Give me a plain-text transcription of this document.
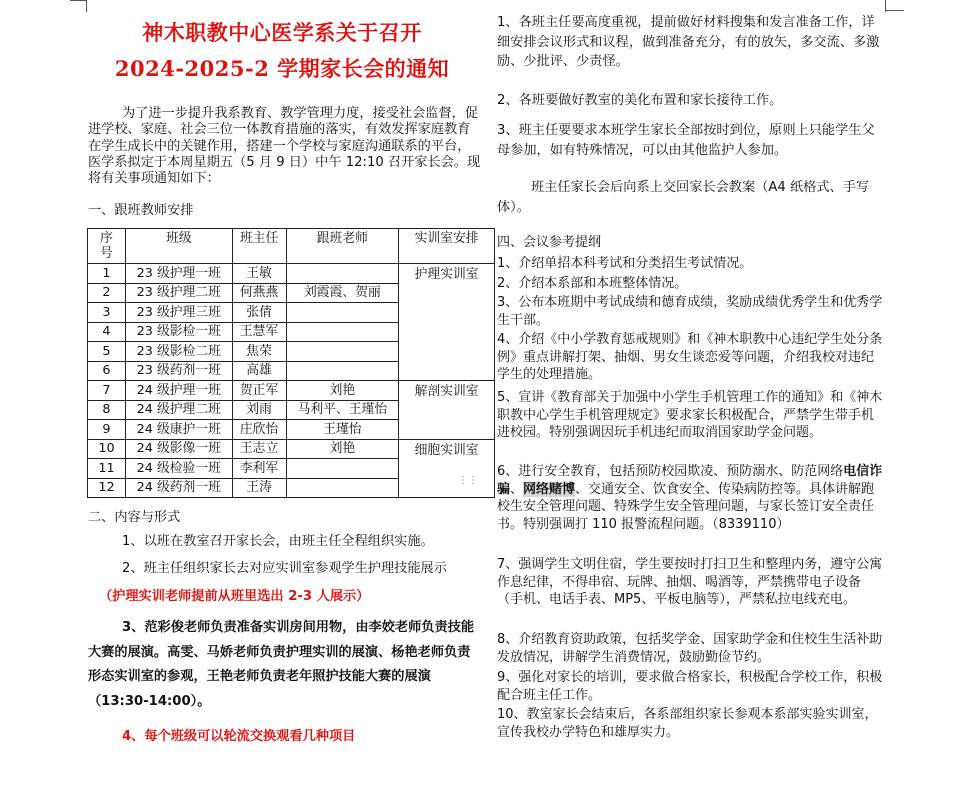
神木职教中心医学系关于召开
2024-2025-2 学期家长会的通知
为了进一步提升我系教育、教学管理力度，接受社会监督，促进学校、家庭、社会三位一体教育措施的落实，有效发挥家庭教育在学生成长中的关键作用，搭建一个学校与家庭沟通联系的平台，医学系拟定于本周星期五（5 月 9 日）中午 12:10 召开家长会。现将有关事项通知如下：
一、跟班教师安排
序号	班级	班主任	跟班老师	实训室安排
1	23 级护理一班	王敏		护理实训室
2	23 级护理二班	何燕燕	刘霞霞、贺丽	
3	23 级护理三班	张倩		
4	23 级影检一班	王慧军		
5	23 级影检二班	焦荣		
6	23 级药剂一班	高雄		
7	24 级护理一班	贺正军	刘艳	解剖实训室
8	24 级护理二班	刘雨	马利平、王瑾怡	
9	24 级康护一班	庄欣怡	王瑾怡	
10	24 级影像一班	王志立	刘艳	细胞实训室
11	24 级检验一班	李利军		
12	24 级药剂一班	王涛			⋮⋮
二、内容与形式
1、以班在教室召开家长会，由班主任全程组织实施。
2、班主任组织家长去对应实训室参观学生护理技能展示
（护理实训老师提前从班里选出 2-3 人展示）
3、范彩俊老师负责准备实训房间用物，由李姣老师负责技能大赛的展演。高雯、马娇老师负责护理实训的展演、杨艳老师负责形态实训室的参观，王艳老师负责老年照护技能大赛的展演（13:30-14:00）。
4、每个班级可以轮流交换观看几种项目
1、各班主任要高度重视，提前做好材料搜集和发言准备工作，详细安排会议形式和议程，做到准备充分，有的放矢，多交流、多激励、少批评、少责怪。
2、各班要做好教室的美化布置和家长接待工作。
3、班主任要要求本班学生家长全部按时到位，原则上只能学生父母参加，如有特殊情况，可以由其他监护人参加。
班主任家长会后向系上交回家长会教案（A4 纸格式、手写体）。
四、会议参考提纲
1、介绍单招本科考试和分类招生考试情况。
2、介绍本系部和本班整体情况。
3、公布本班期中考试成绩和德育成绩，奖励成绩优秀学生和优秀学生干部。
4、介绍《中小学教育惩戒规则》和《神木职教中心违纪学生处分条例》重点讲解打架、抽烟、男女生谈恋爱等问题，介绍我校对违纪学生的处理措施。
5、宣讲《教育部关于加强中小学生手机管理工作的通知》和《神木职教中心学生手机管理规定》要求家长积极配合，严禁学生带手机进校园。特别强调因玩手机违纪而取消国家助学金问题。
6、进行安全教育，包括预防校园欺凌、预防溺水、防范网络电信诈骗、网络赌博、交通安全、饮食安全、传染病防控等。具体讲解跑校生安全管理问题、特殊学生安全管理问题，与家长签订安全责任书。特别强调打 110 报警流程问题。（8339110）
7、强调学生文明住宿，学生要按时打扫卫生和整理内务，遵守公寓作息纪律，不得串宿、玩牌、抽烟、喝酒等，严禁携带电子设备（手机、电话手表、MP5、平板电脑等），严禁私拉电线充电。
8、介绍教育资助政策，包括奖学金、国家助学金和住校生生活补助发放情况，讲解学生消费情况，鼓励勤俭节约。
9、强化对家长的培训，要求做合格家长，积极配合学校工作，积极配合班主任工作。
10、教室家长会结束后，各系部组织家长参观本系部实验实训室，宣传我校办学特色和雄厚实力。
